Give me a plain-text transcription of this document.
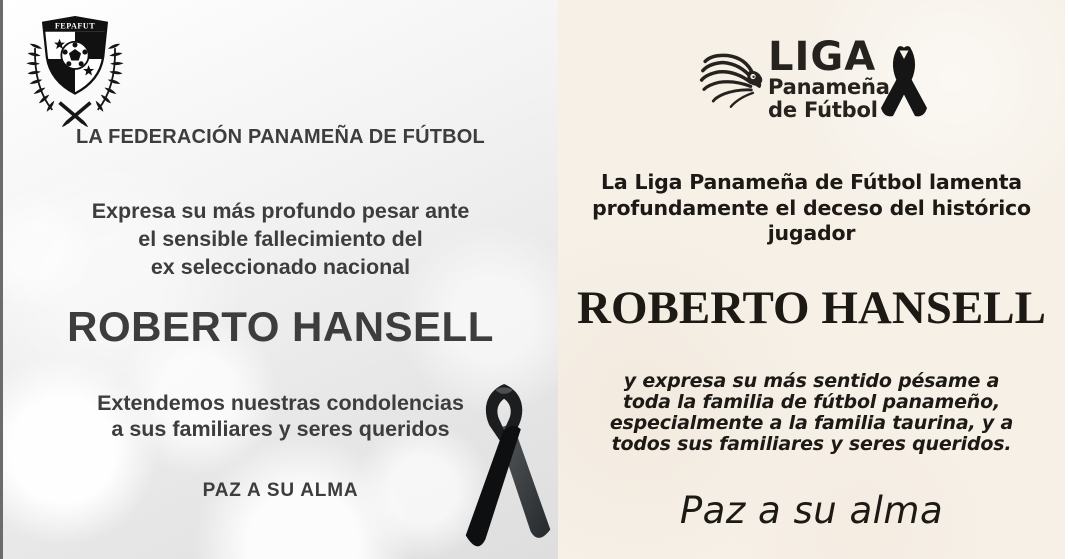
FEPAFUT
LA FEDERACIÓN PANAMEÑA DE FÚTBOL
Expresa su más profundo pesar ante
el sensible fallecimiento del
ex seleccionado nacional
ROBERTO HANSELL
Extendemos nuestras condolencias
a sus familiares y seres queridos
PAZ A SU ALMA
LIGA
Panameña
de Fútbol
La Liga Panameña de Fútbol lamenta
profundamente el deceso del histórico
jugador
ROBERTO HANSELL
y expresa su más sentido pésame a
toda la familia de fútbol panameño,
especialmente a la familia taurina, y a
todos sus familiares y seres queridos.
Paz a su alma
